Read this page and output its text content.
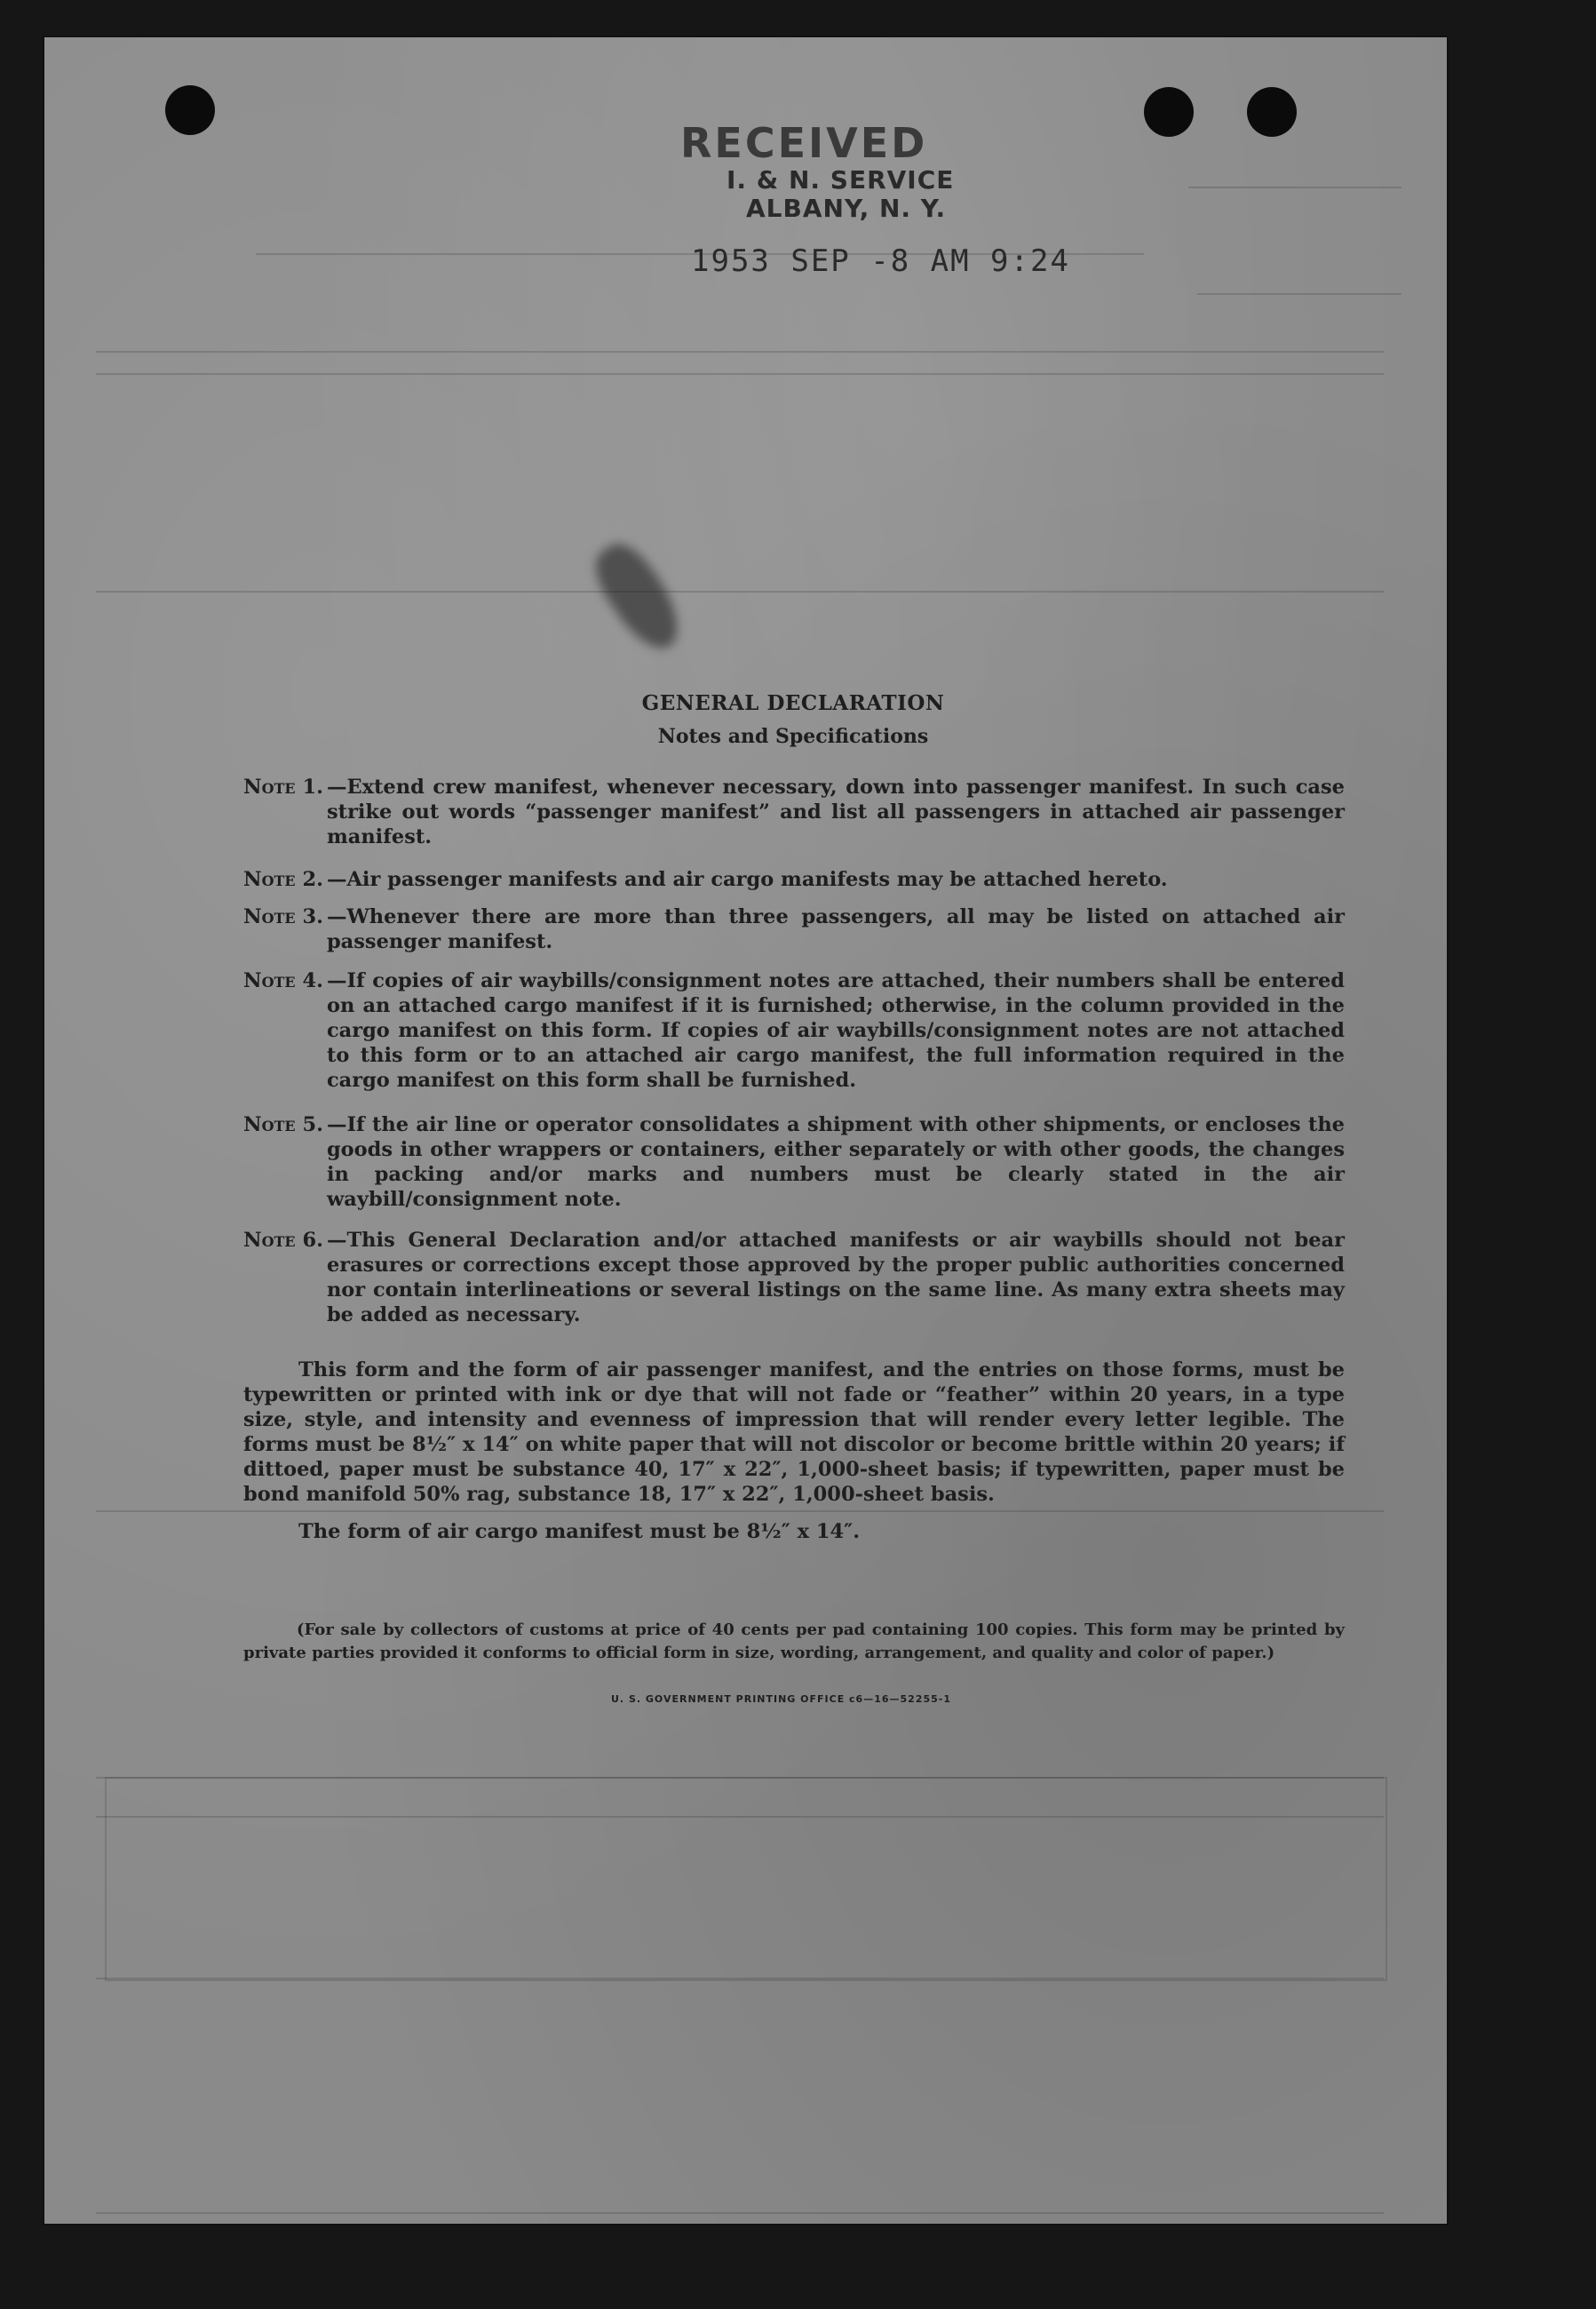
RECEIVED
I. & N. SERVICE
ALBANY, N. Y.
1953 SEP -8 AM 9:24
GENERAL DECLARATION
Notes and Specifications
Note 1. —Extend crew manifest, whenever necessary, down into passenger manifest. In such case strike out words “passenger manifest” and list all passengers in attached air passenger manifest.
Note 2. —Air passenger manifests and air cargo manifests may be attached hereto.
Note 3. —Whenever there are more than three passengers, all may be listed on attached air passenger manifest.
Note 4. —If copies of air waybills/consignment notes are attached, their numbers shall be entered on an attached cargo manifest if it is furnished; otherwise, in the column provided in the cargo manifest on this form. If copies of air waybills/consignment notes are not attached to this form or to an attached air cargo manifest, the full information required in the cargo manifest on this form shall be furnished.
Note 5. —If the air line or operator consolidates a shipment with other shipments, or encloses the goods in other wrappers or containers, either separately or with other goods, the changes in packing and/or marks and numbers must be clearly stated in the air waybill/consignment note.
Note 6. —This General Declaration and/or attached manifests or air waybills should not bear erasures or corrections except those approved by the proper public authorities concerned nor contain interlineations or several listings on the same line. As many extra sheets may be added as necessary.
This form and the form of air passenger manifest, and the entries on those forms, must be typewritten or printed with ink or dye that will not fade or “feather” within 20 years, in a type size, style, and intensity and evenness of impression that will render every letter legible. The forms must be 8½″ x 14″ on white paper that will not discolor or become brittle within 20 years; if dittoed, paper must be substance 40, 17″ x 22″, 1,000-sheet basis; if typewritten, paper must be bond manifold 50% rag, substance 18, 17″ x 22″, 1,000-sheet basis.
The form of air cargo manifest must be 8½″ x 14″.
(For sale by collectors of customs at price of 40 cents per pad containing 100 copies. This form may be printed by private parties provided it conforms to official form in size, wording, arrangement, and quality and color of paper.)
U. S. GOVERNMENT PRINTING OFFICE c6—16—52255-1
